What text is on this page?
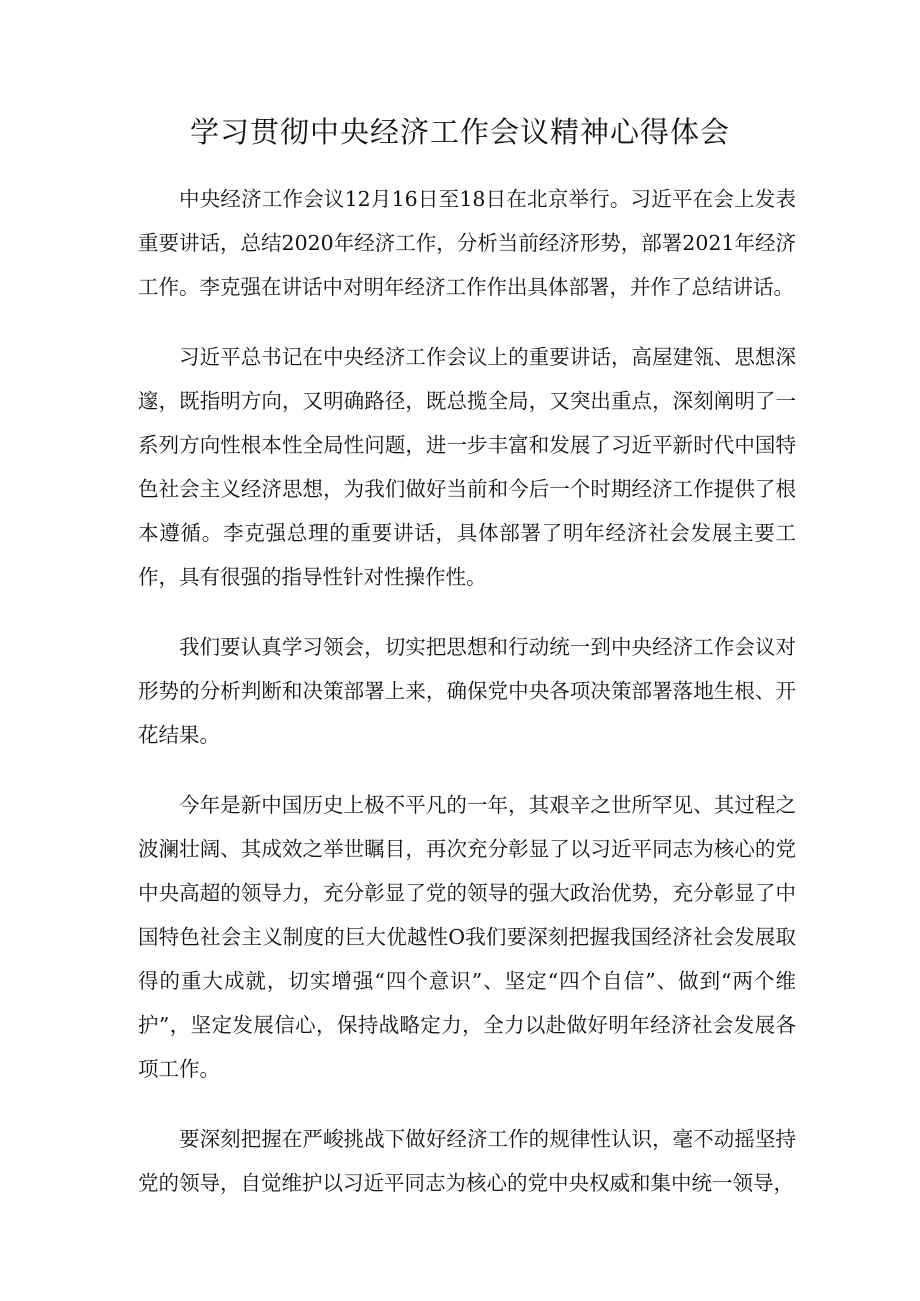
学习贯彻中央经济工作会议精神心得体会

中央经济工作会议12月16日至18日在北京举行。习近平在会上发表重要讲话，总结2020年经济工作，分析当前经济形势，部署2021年经济工作。李克强在讲话中对明年经济工作作出具体部署，并作了总结讲话。

习近平总书记在中央经济工作会议上的重要讲话，高屋建瓴、思想深邃，既指明方向，又明确路径，既总揽全局，又突出重点，深刻阐明了一系列方向性根本性全局性问题，进一步丰富和发展了习近平新时代中国特色社会主义经济思想，为我们做好当前和今后一个时期经济工作提供了根本遵循。李克强总理的重要讲话，具体部署了明年经济社会发展主要工作，具有很强的指导性针对性操作性。

我们要认真学习领会，切实把思想和行动统一到中央经济工作会议对形势的分析判断和决策部署上来，确保党中央各项决策部署落地生根、开花结果。

今年是新中国历史上极不平凡的一年，其艰辛之世所罕见、其过程之波澜壮阔、其成效之举世瞩目，再次充分彰显了以习近平同志为核心的党中央高超的领导力，充分彰显了党的领导的强大政治优势，充分彰显了中国特色社会主义制度的巨大优越性O我们要深刻把握我国经济社会发展取得的重大成就，切实增强“四个意识”、坚定“四个自信”、做到“两个维护”，坚定发展信心，保持战略定力，全力以赴做好明年经济社会发展各项工作。

要深刻把握在严峻挑战下做好经济工作的规律性认识，毫不动摇坚持党的领导，自觉维护以习近平同志为核心的党中央权威和集中统一领导，
